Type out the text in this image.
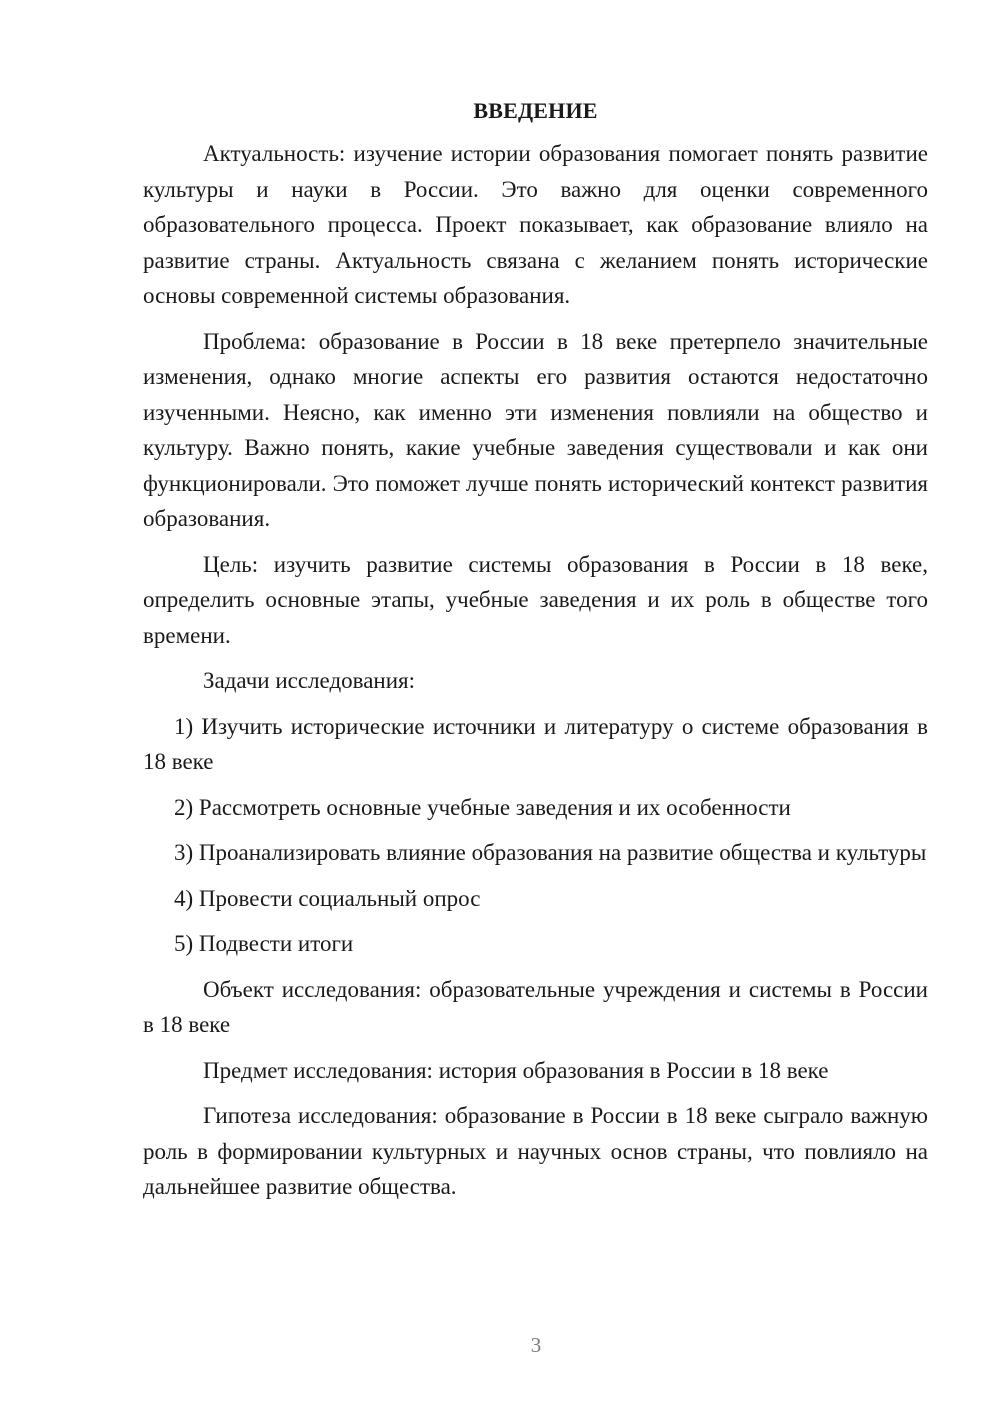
ВВЕДЕНИЕ

Актуальность: изучение истории образования помогает понять развитие культуры и науки в России. Это важно для оценки современного образовательного процесса. Проект показывает, как образование влияло на развитие страны. Актуальность связана с желанием понять исторические основы современной системы образования.

Проблема: образование в России в 18 веке претерпело значительные изменения, однако многие аспекты его развития остаются недостаточно изученными. Неясно, как именно эти изменения повлияли на общество и культуру. Важно понять, какие учебные заведения существовали и как они функционировали. Это поможет лучше понять исторический контекст развития образования.

Цель: изучить развитие системы образования в России в 18 веке, определить основные этапы, учебные заведения и их роль в обществе того времени.

Задачи исследования:

1) Изучить исторические источники и литературу о системе образования в 18 веке

2) Рассмотреть основные учебные заведения и их особенности

3) Проанализировать влияние образования на развитие общества и культуры

4) Провести социальный опрос

5) Подвести итоги

Объект исследования: образовательные учреждения и системы в России в 18 веке

Предмет исследования: история образования в России в 18 веке

Гипотеза исследования: образование в России в 18 веке сыграло важную роль в формировании культурных и научных основ страны, что повлияло на дальнейшее развитие общества.

3
